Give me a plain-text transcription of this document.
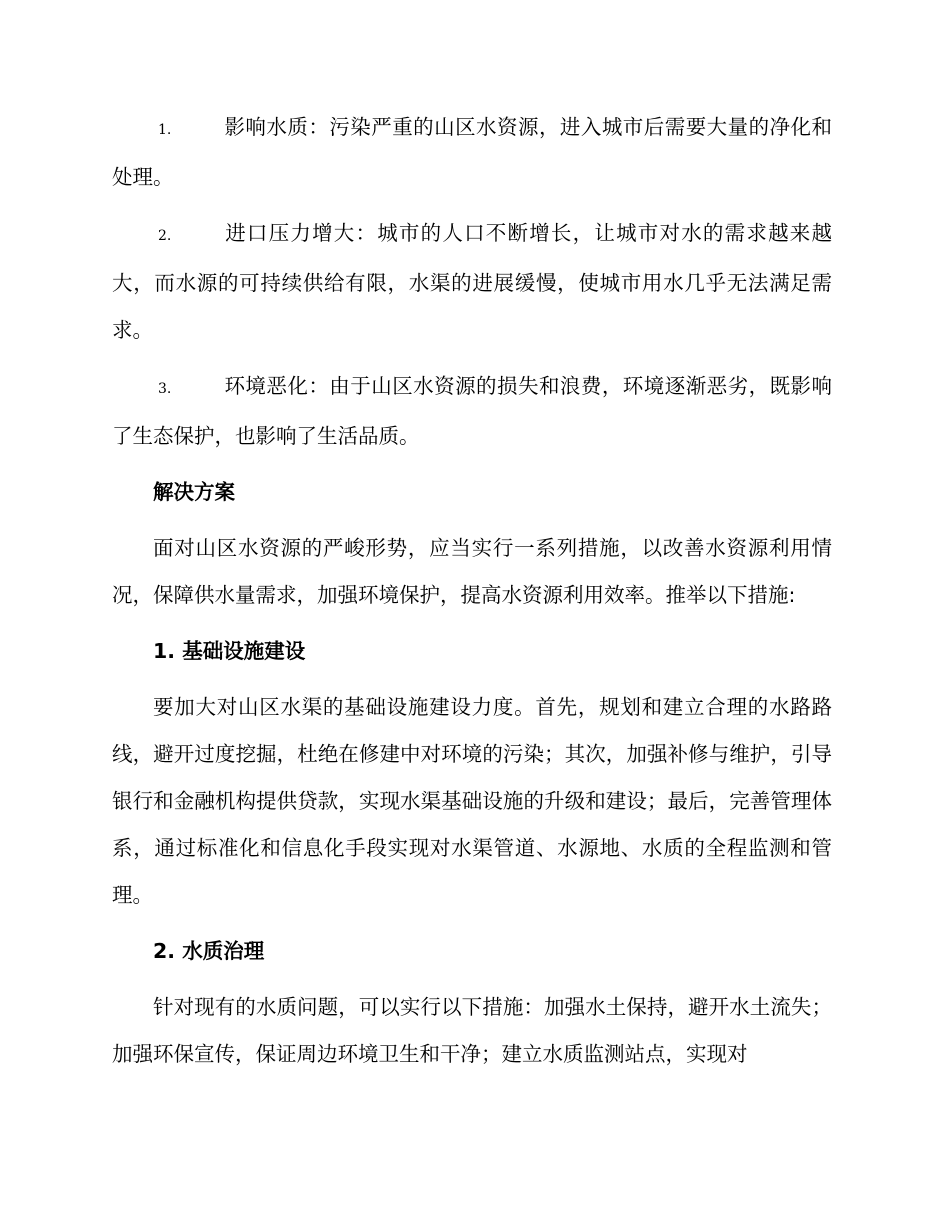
1.	影响水质：污染严重的山区水资源，进入城市后需要大量的净化和处理。

2.	进口压力增大：城市的人口不断增长，让城市对水的需求越来越大，而水源的可持续供给有限，水渠的进展缓慢，使城市用水几乎无法满足需求。

3.	环境恶化：由于山区水资源的损失和浪费，环境逐渐恶劣，既影响了生态保护，也影响了生活品质。

解决方案

面对山区水资源的严峻形势，应当实行一系列措施，以改善水资源利用情况，保障供水量需求，加强环境保护，提高水资源利用效率。推举以下措施:

1. 基础设施建设

要加大对山区水渠的基础设施建设力度。首先，规划和建立合理的水路路线，避开过度挖掘，杜绝在修建中对环境的污染；其次，加强补修与维护，引导银行和金融机构提供贷款，实现水渠基础设施的升级和建设；最后，完善管理体系，通过标准化和信息化手段实现对水渠管道、水源地、水质的全程监测和管理。

2. 水质治理

针对现有的水质问题，可以实行以下措施：加强水土保持，避开水土流失；加强环保宣传，保证周边环境卫生和干净；建立水质监测站点，实现对
